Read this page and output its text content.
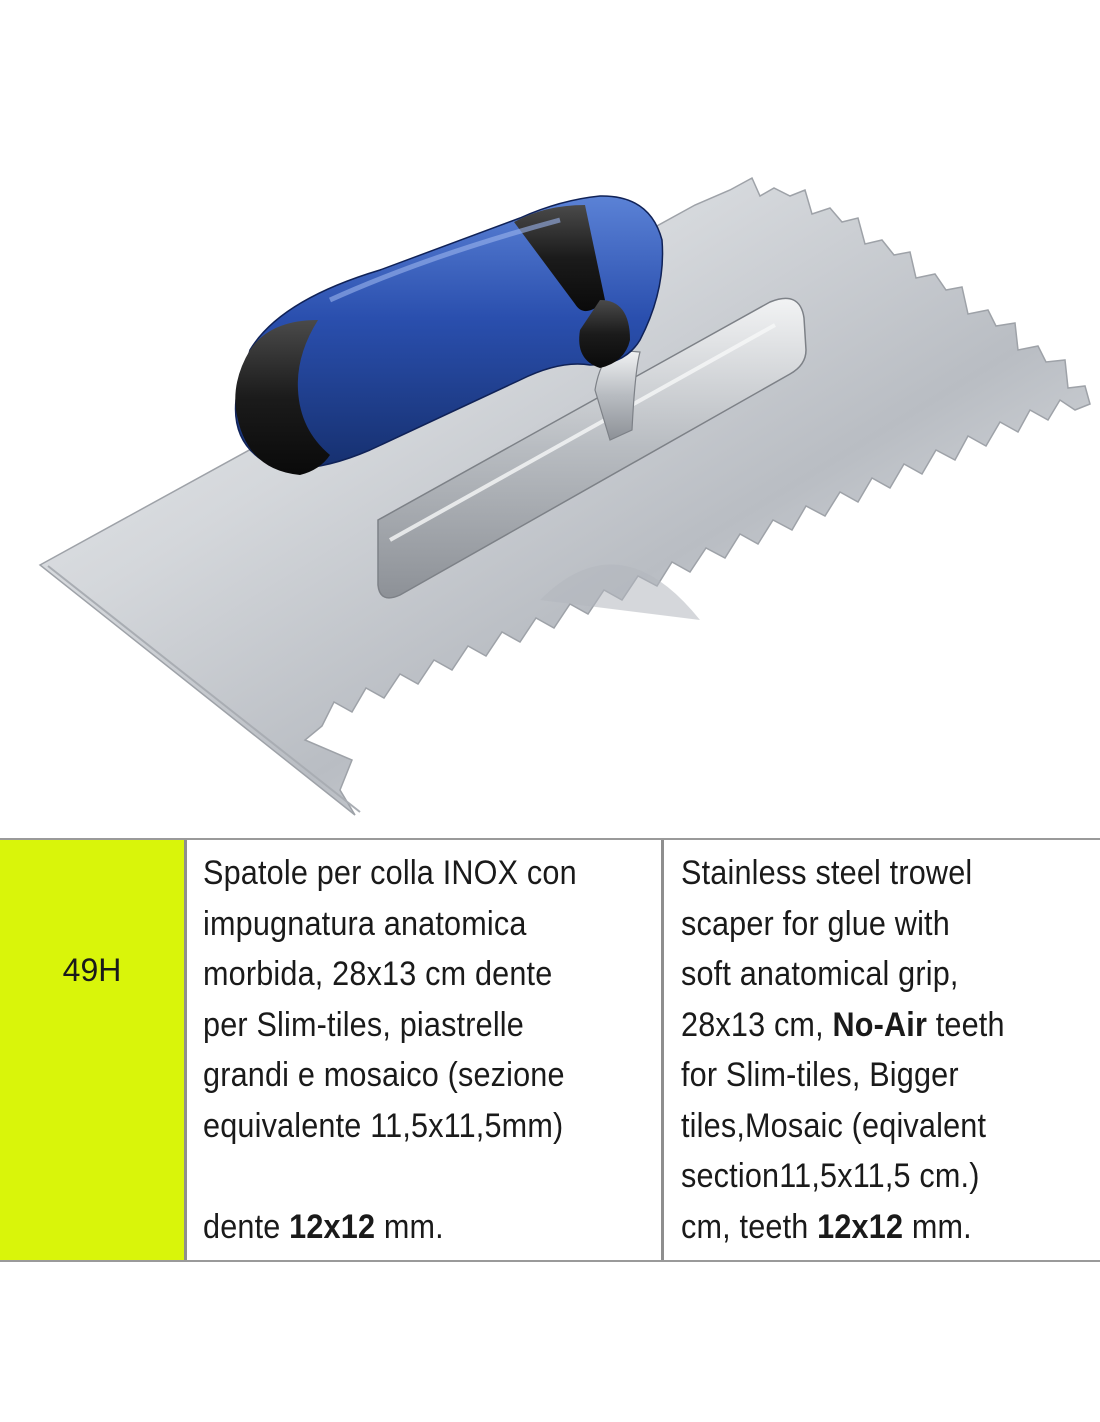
49H
Spatole per colla INOX con
impugnatura anatomica
morbida, 28x13 cm dente
per Slim-tiles, piastrelle
grandi e mosaico (sezione
equivalente 11,5x11,5mm)
dente 12x12 mm.
Stainless steel trowel
scaper for glue with
soft anatomical grip,
28x13 cm, No-Air teeth
for Slim-tiles, Bigger
tiles,Mosaic (eqivalent
section11,5x11,5 cm.)
cm, teeth 12x12 mm.
